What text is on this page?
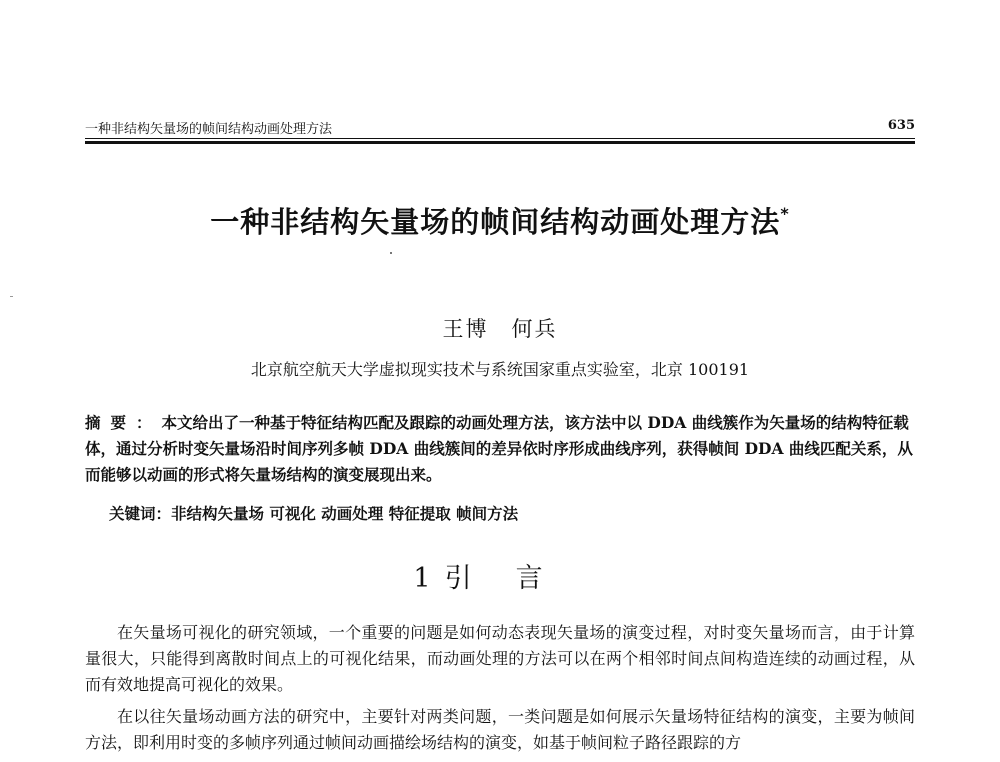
一种非结构矢量场的帧间结构动画处理方法	635
一种非结构矢量场的帧间结构动画处理方法*
王博　何兵
北京航空航天大学虚拟现实技术与系统国家重点实验室，北京 100191
摘要：本文给出了一种基于特征结构匹配及跟踪的动画处理方法，该方法中以 DDA 曲线簇作为矢量场的结构特征载体，通过分析时变矢量场沿时间序列多帧 DDA 曲线簇间的差异依时序形成曲线序列，获得帧间 DDA 曲线匹配关系，从而能够以动画的形式将矢量场结构的演变展现出来。
关键词：非结构矢量场 可视化 动画处理 特征提取 帧间方法
1 引言

在矢量场可视化的研究领域，一个重要的问题是如何动态表现矢量场的演变过程，对时变矢量场而言，由于计算量很大，只能得到离散时间点上的可视化结果，而动画处理的方法可以在两个相邻时间点间构造连续的动画过程，从而有效地提高可视化的效果。

在以往矢量场动画方法的研究中，主要针对两类问题，一类问题是如何展示矢量场特征结构的演变，主要为帧间方法，即利用时变的多帧序列通过帧间动画描绘场结构的演变，如基于帧间粒子路径跟踪的方
